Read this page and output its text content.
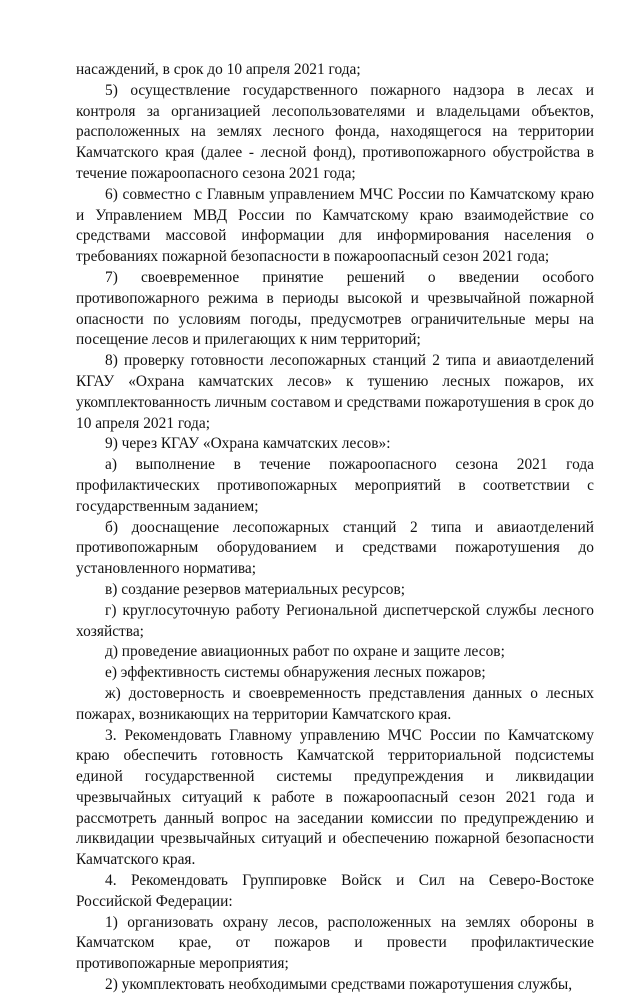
насаждений, в срок до 10 апреля 2021 года;

5) осуществление государственного пожарного надзора в лесах и контроля за организацией лесопользователями и владельцами объектов, расположенных на землях лесного фонда, находящегося на территории Камчатского края (далее - лесной фонд), противопожарного обустройства в течение пожароопасного сезона 2021 года;

6) совместно с Главным управлением МЧС России по Камчатскому краю и Управлением МВД России по Камчатскому краю взаимодействие со средствами массовой информации для информирования населения о требованиях пожарной безопасности в пожароопасный сезон 2021 года;

7) своевременное принятие решений о введении особого противопожарного режима в периоды высокой и чрезвычайной пожарной опасности по условиям погоды, предусмотрев ограничительные меры на посещение лесов и прилегающих к ним территорий;

8) проверку готовности лесопожарных станций 2 типа и авиаотделений КГАУ «Охрана камчатских лесов» к тушению лесных пожаров, их укомплектованность личным составом и средствами пожаротушения в срок до 10 апреля 2021 года;

9) через КГАУ «Охрана камчатских лесов»:

а) выполнение в течение пожароопасного сезона 2021 года профилактических противопожарных мероприятий в соответствии с государственным заданием;

б) дооснащение лесопожарных станций 2 типа и авиаотделений противопожарным оборудованием и средствами пожаротушения до установленного норматива;

в) создание резервов материальных ресурсов;

г) круглосуточную работу Региональной диспетчерской службы лесного хозяйства;

д) проведение авиационных работ по охране и защите лесов;

е) эффективность системы обнаружения лесных пожаров;

ж) достоверность и своевременность представления данных о лесных пожарах, возникающих на территории Камчатского края.

3. Рекомендовать Главному управлению МЧС России по Камчатскому краю обеспечить готовность Камчатской территориальной подсистемы единой государственной системы предупреждения и ликвидации чрезвычайных ситуаций к работе в пожароопасный сезон 2021 года и рассмотреть данный вопрос на заседании комиссии по предупреждению и ликвидации чрезвычайных ситуаций и обеспечению пожарной безопасности Камчатского края.

4. Рекомендовать Группировке Войск и Сил на Северо-Востоке Российской Федерации:

1) организовать охрану лесов, расположенных на землях обороны в Камчатском крае, от пожаров и провести профилактические противопожарные мероприятия;

2) укомплектовать необходимыми средствами пожаротушения службы,
